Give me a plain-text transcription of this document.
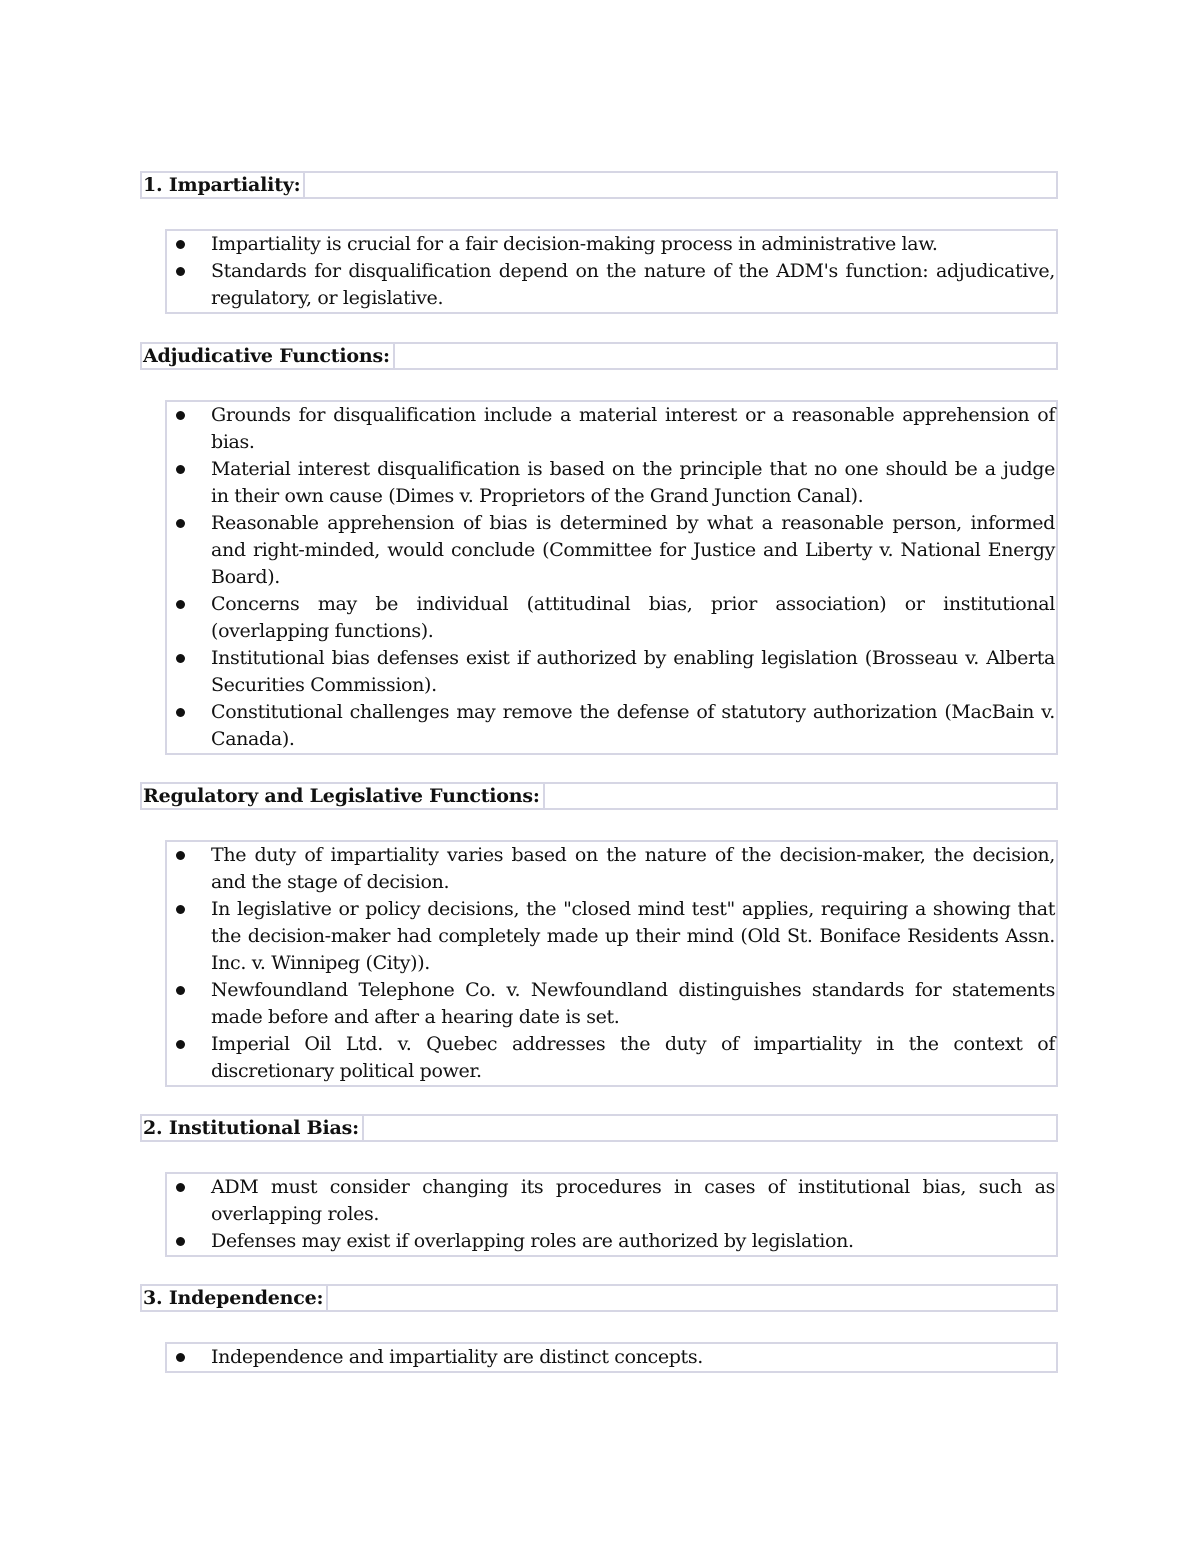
1. Impartiality:
Impartiality is crucial for a fair decision-making process in administrative law.
Standards for disqualification depend on the nature of the ADM's function: adjudicative, regulatory, or legislative.
Adjudicative Functions:
Grounds for disqualification include a material interest or a reasonable apprehension of bias.
Material interest disqualification is based on the principle that no one should be a judge in their own cause (Dimes v. Proprietors of the Grand Junction Canal).
Reasonable apprehension of bias is determined by what a reasonable person, informed and right-minded, would conclude (Committee for Justice and Liberty v. National Energy Board).
Concerns may be individual (attitudinal bias, prior association) or institutional (overlapping functions).
Institutional bias defenses exist if authorized by enabling legislation (Brosseau v. Alberta Securities Commission).
Constitutional challenges may remove the defense of statutory authorization (MacBain v. Canada).
Regulatory and Legislative Functions:
The duty of impartiality varies based on the nature of the decision-maker, the decision, and the stage of decision.
In legislative or policy decisions, the "closed mind test" applies, requiring a showing that the decision-maker had completely made up their mind (Old St. Boniface Residents Assn. Inc. v. Winnipeg (City)).
Newfoundland Telephone Co. v. Newfoundland distinguishes standards for statements made before and after a hearing date is set.
Imperial Oil Ltd. v. Quebec addresses the duty of impartiality in the context of discretionary political power.
2. Institutional Bias:
ADM must consider changing its procedures in cases of institutional bias, such as overlapping roles.
Defenses may exist if overlapping roles are authorized by legislation.
3. Independence:
Independence and impartiality are distinct concepts.
